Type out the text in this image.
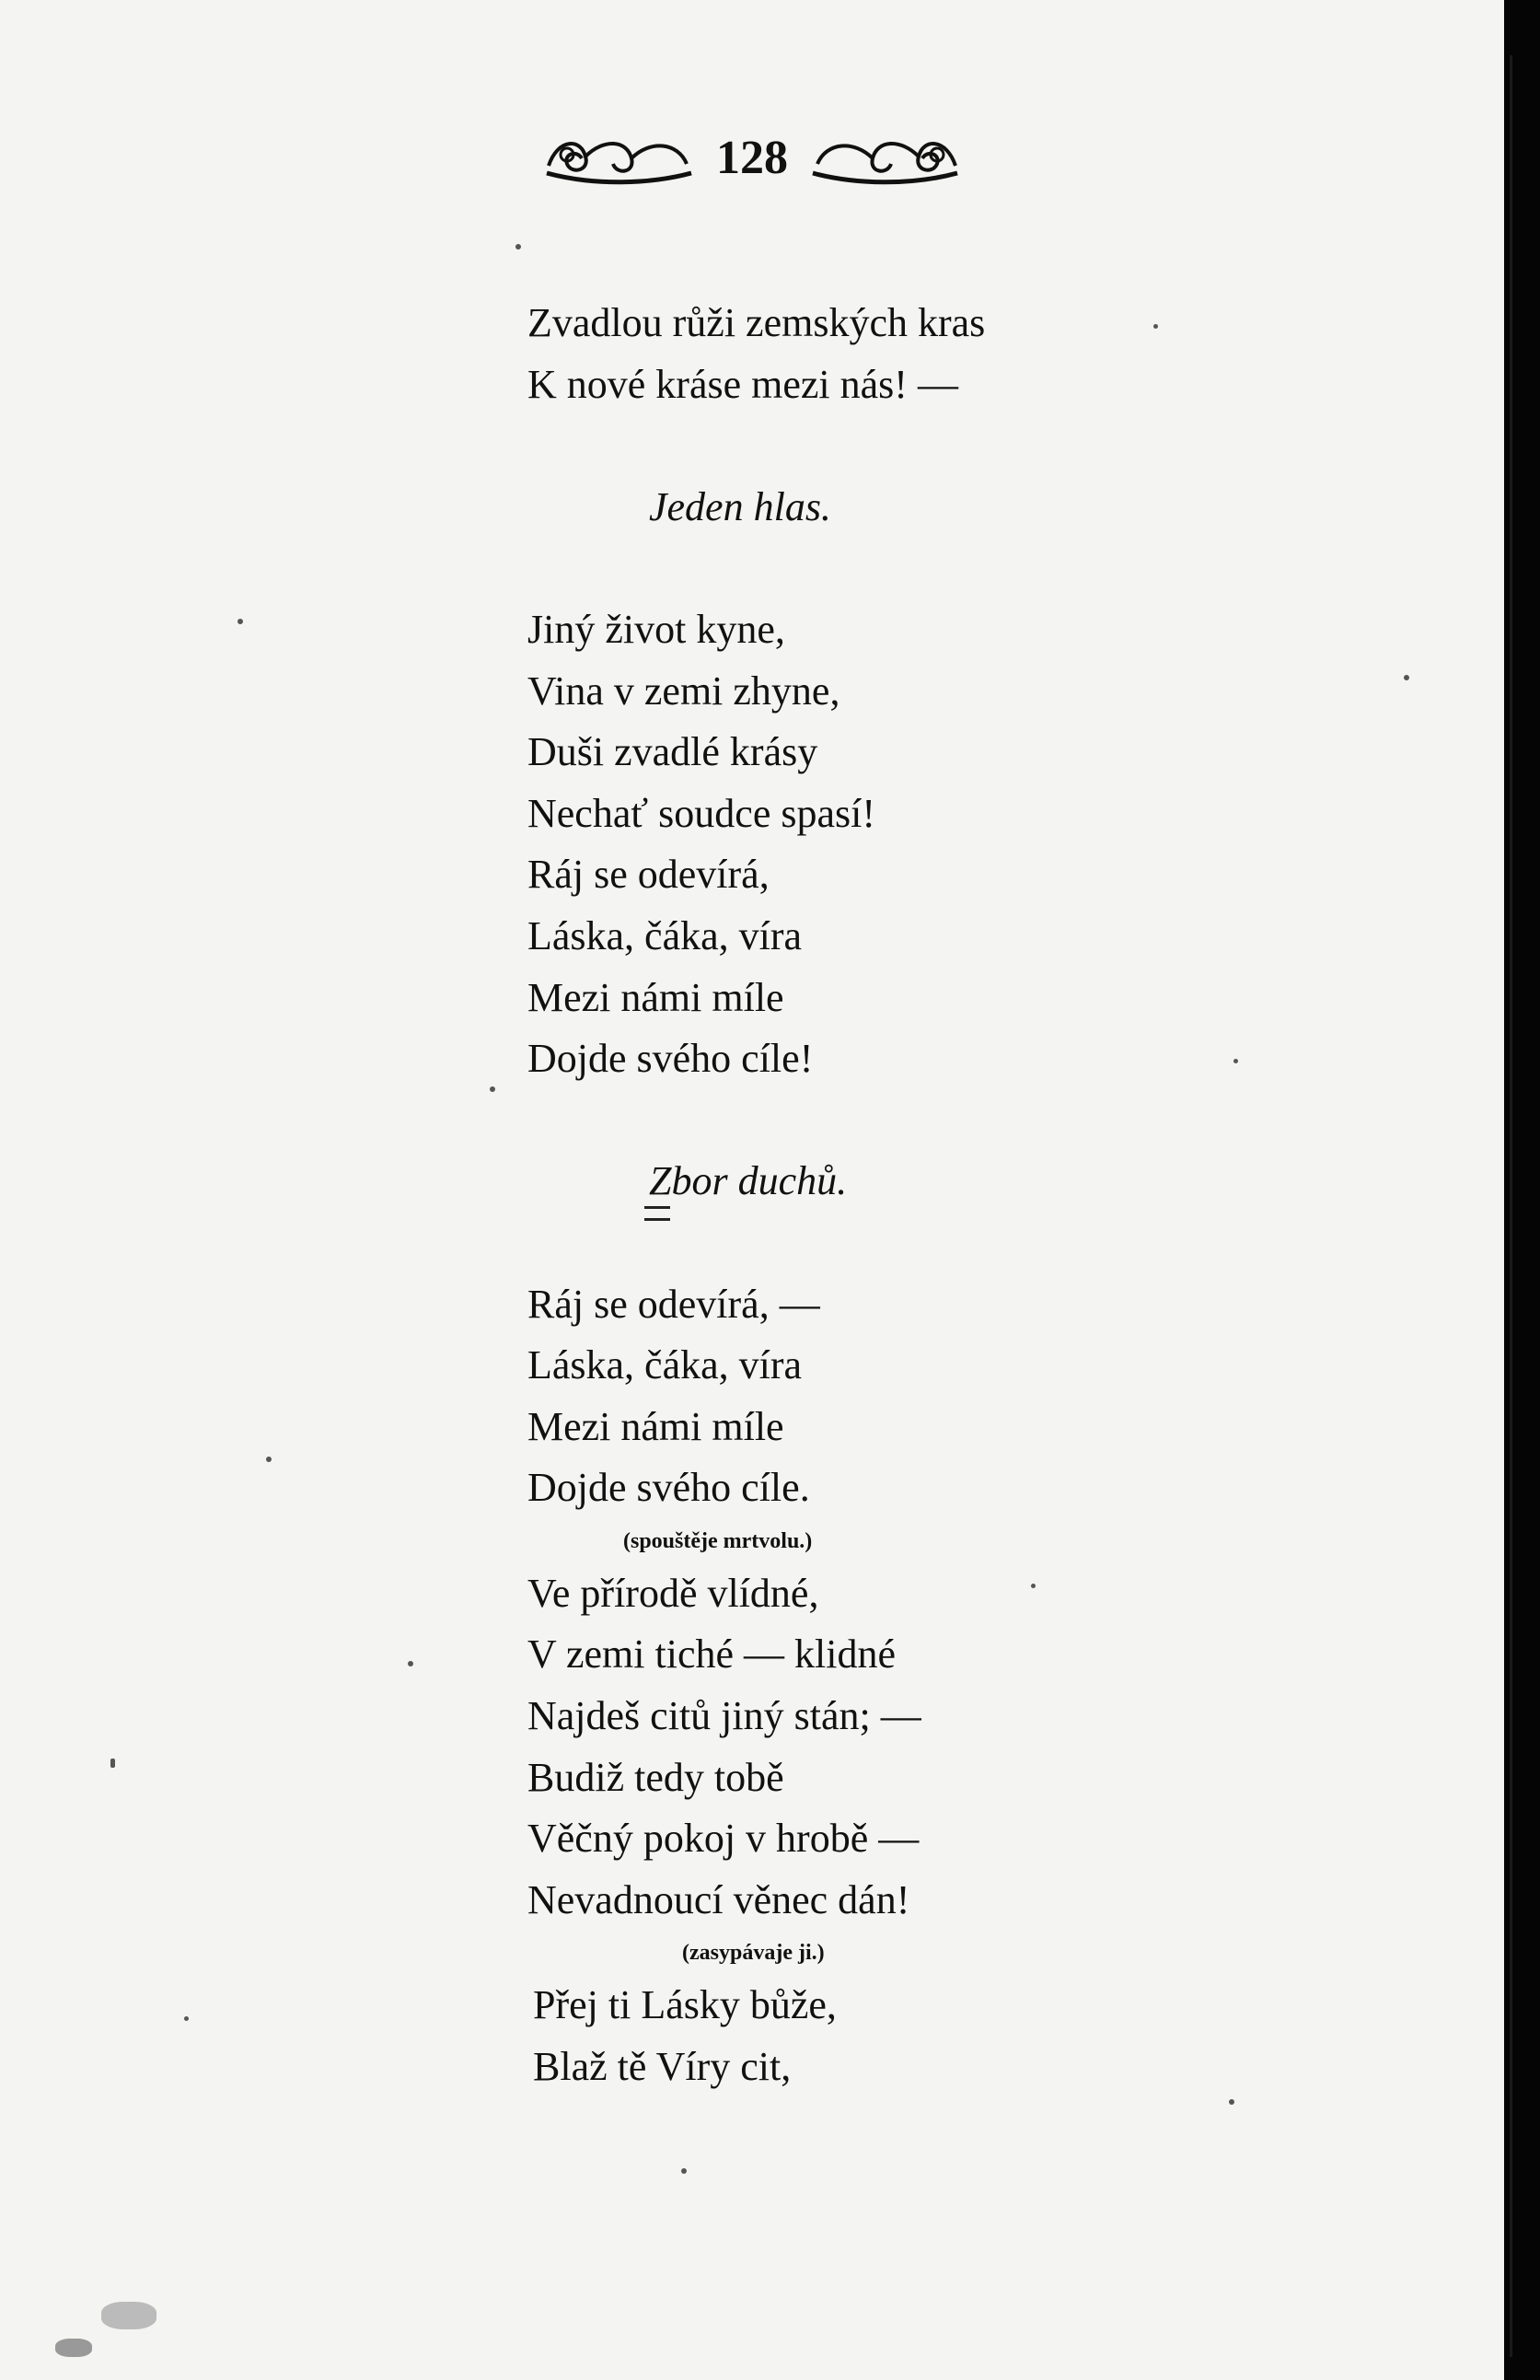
128
Zvadlou růži zemských kras
K nové kráse mezi nás! —
Jeden hlas.
Jiný život kyne,
Vina v zemi zhyne,
Duši zvadlé krásy
Nechať soudce spasí!
Ráj se odevírá,
Láska, čáka, víra
Mezi námi míle
Dojde svého cíle!
Zbor duchů.
Ráj se odevírá, —
Láska, čáka, víra
Mezi námi míle
Dojde svého cíle.
(spouštěje mrtvolu.)
Ve přírodě vlídné,
V zemi tiché — klidné
Najdeš citů jiný stán; —
Budiž tedy tobě
Věčný pokoj v hrobě —
Nevadnoucí věnec dán!
(zasypávaje ji.)
Přej ti Lásky bůže,
Blaž tě Víry cit,
